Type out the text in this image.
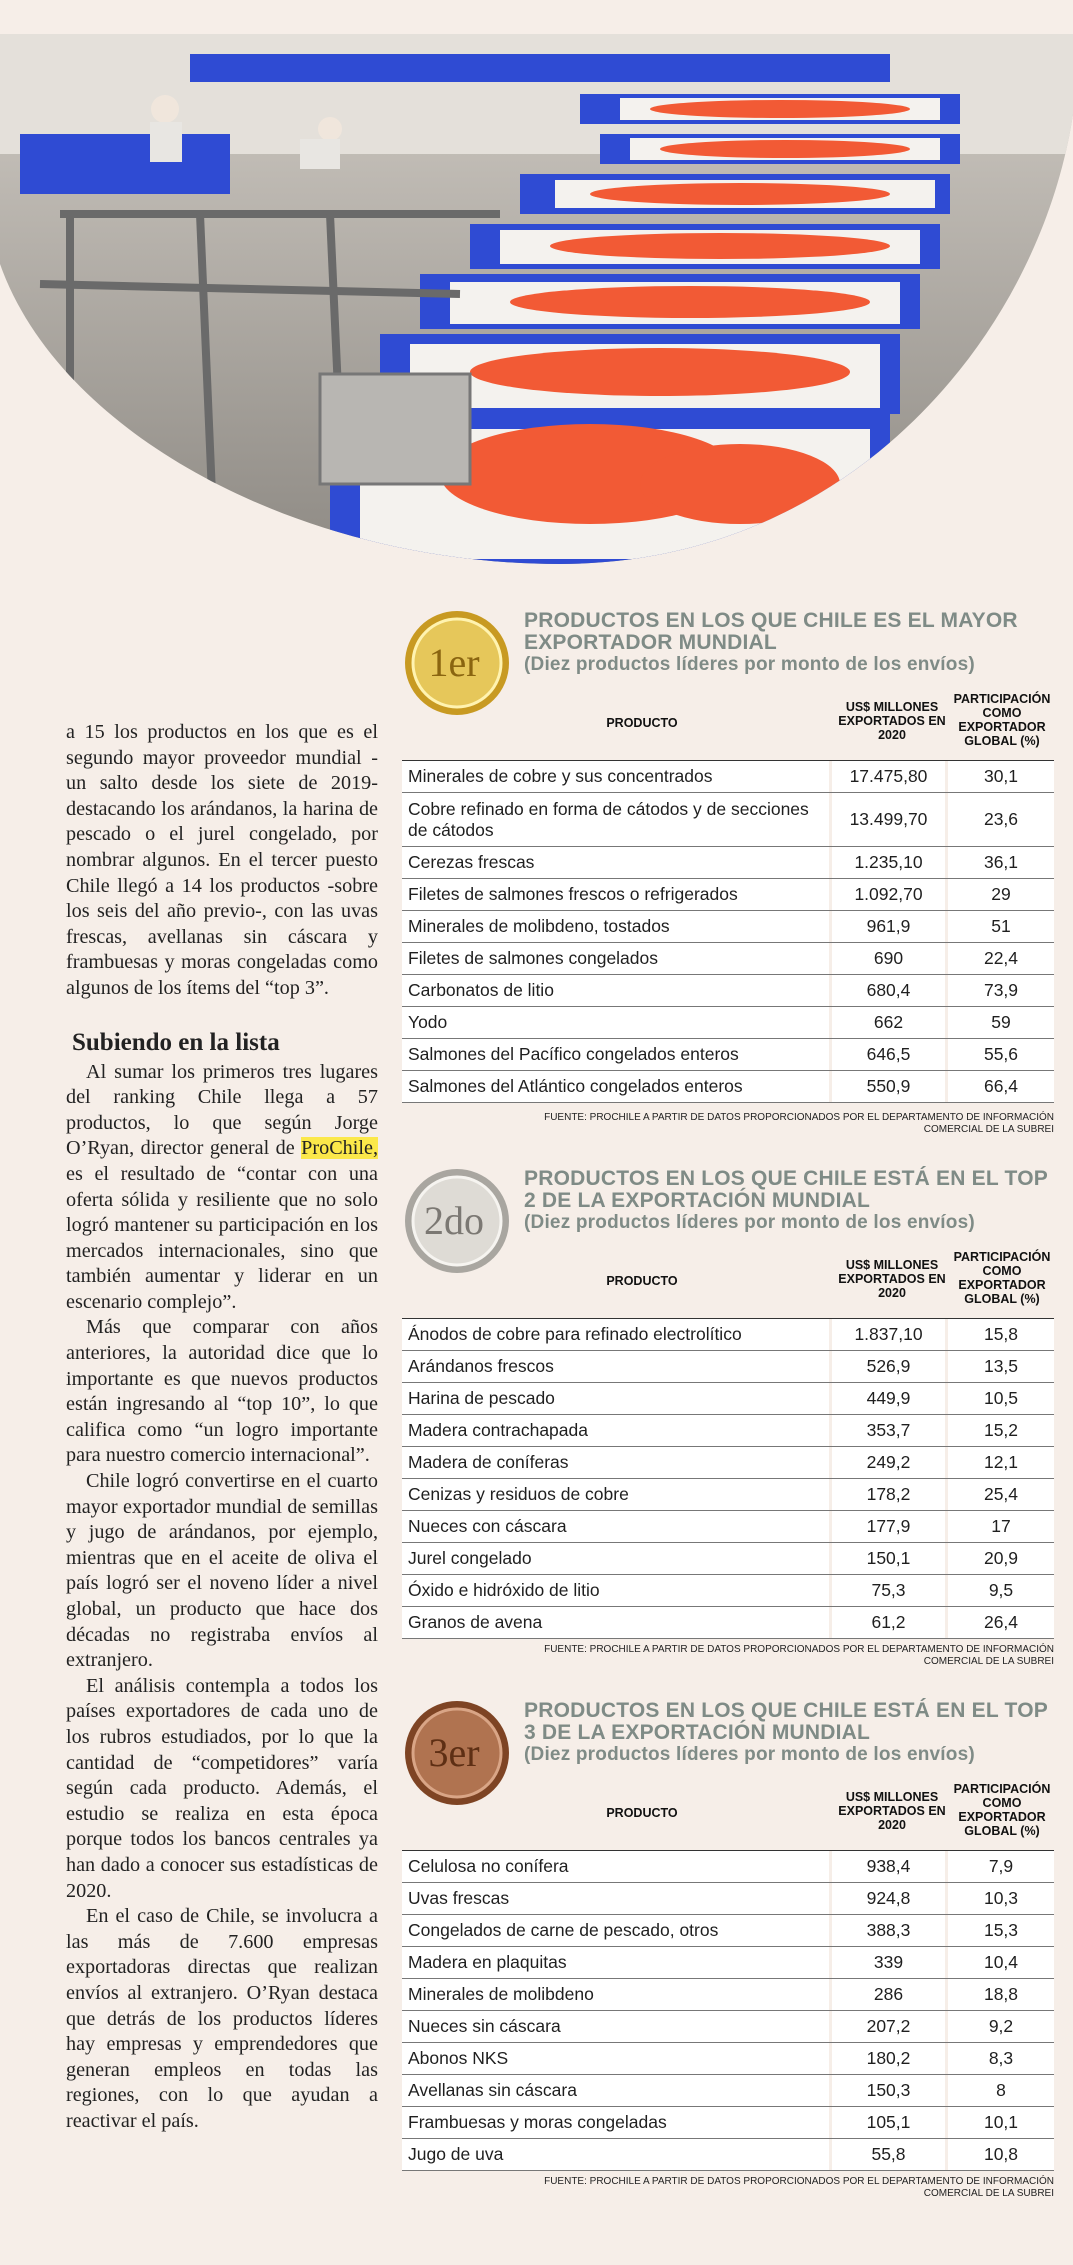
a 15 los productos en los que es el segundo mayor proveedor mundial -un salto desde los siete de 2019- destacando los arándanos, la harina de pescado o el jurel congelado, por nombrar algunos. En el tercer puesto Chile llegó a 14 los productos -sobre los seis del año previo-, con las uvas frescas, avellanas sin cáscara y frambuesas y moras congeladas como algunos de los ítems del “top 3”.

Subiendo en la lista

Al sumar los primeros tres lugares del ranking Chile llega a 57 productos, lo que según Jorge O’Ryan, director general de ProChile, es el resultado de “contar con una oferta sólida y resiliente que no solo logró mantener su participación en los mercados internacionales, sino que también aumentar y liderar en un escenario complejo”.

Más que comparar con años anteriores, la autoridad dice que lo importante es que nuevos productos están ingresando al “top 10”, lo que califica como “un logro importante para nuestro comercio internacional”.

Chile logró convertirse en el cuarto mayor exportador mundial de semillas y jugo de arándanos, por ejemplo, mientras que en el aceite de oliva el país logró ser el noveno líder a nivel global, un producto que hace dos décadas no registraba envíos al extranjero.

El análisis contempla a todos los países exportadores de cada uno de los rubros estudiados, por lo que la cantidad de “competidores” varía según cada producto. Además, el estudio se realiza en esta época porque todos los bancos centrales ya han dado a conocer sus estadísticas de 2020.

En el caso de Chile, se involucra a las más de 7.600 empresas exportadoras directas que realizan envíos al extranjero. O’Ryan destaca que detrás de los productos líderes hay empresas y emprendedores que generan empleos en todas las regiones, con lo que ayudan a reactivar el país.

1er
PRODUCTOS EN LOS QUE CHILE ES EL MAYOR EXPORTADOR MUNDIAL
(Diez productos líderes por monto de los envíos)
PRODUCTO
US$ MILLONES EXPORTADOS EN 2020
PARTICIPACIÓN COMO EXPORTADOR GLOBAL (%)
Minerales de cobre y sus concentrados	17.475,80	30,1
Cobre refinado en forma de cátodos y de secciones de cátodos
13.499,70	23,6
Cerezas frescas	1.235,10	36,1
Filetes de salmones frescos o refrigerados	1.092,70	29
Minerales de molibdeno, tostados	961,9	51
Filetes de salmones congelados	690	22,4
Carbonatos de litio	680,4	73,9
Yodo	662	59
Salmones del Pacífico congelados enteros	646,5	55,6
Salmones del Atlántico congelados enteros	550,9	66,4
FUENTE: PROCHILE A PARTIR DE DATOS PROPORCIONADOS POR EL DEPARTAMENTO DE INFORMACIÓN COMERCIAL DE LA SUBREI
2do
PRODUCTOS EN LOS QUE CHILE ESTÁ EN EL TOP 2 DE LA EXPORTACIÓN MUNDIAL
(Diez productos líderes por monto de los envíos)
PRODUCTO
US$ MILLONES EXPORTADOS EN 2020
PARTICIPACIÓN COMO EXPORTADOR GLOBAL (%)
Ánodos de cobre para refinado electrolítico	1.837,10	15,8
Arándanos frescos	526,9	13,5
Harina de pescado	449,9	10,5
Madera contrachapada	353,7	15,2
Madera de coníferas	249,2	12,1
Cenizas y residuos de cobre	178,2	25,4
Nueces con cáscara	177,9	17
Jurel congelado	150,1	20,9
Óxido e hidróxido de litio	75,3	9,5
Granos de avena	61,2	26,4
FUENTE: PROCHILE A PARTIR DE DATOS PROPORCIONADOS POR EL DEPARTAMENTO DE INFORMACIÓN COMERCIAL DE LA SUBREI
3er
PRODUCTOS EN LOS QUE CHILE ESTÁ EN EL TOP 3 DE LA EXPORTACIÓN MUNDIAL
(Diez productos líderes por monto de los envíos)
PRODUCTO
US$ MILLONES EXPORTADOS EN 2020
PARTICIPACIÓN COMO EXPORTADOR GLOBAL (%)
Celulosa no conífera	938,4	7,9
Uvas frescas	924,8	10,3
Congelados de carne de pescado, otros	388,3	15,3
Madera en plaquitas	339	10,4
Minerales de molibdeno	286	18,8
Nueces sin cáscara	207,2	9,2
Abonos NKS	180,2	8,3
Avellanas sin cáscara	150,3	8
Frambuesas y moras congeladas	105,1	10,1
Jugo de uva	55,8	10,8
FUENTE: PROCHILE A PARTIR DE DATOS PROPORCIONADOS POR EL DEPARTAMENTO DE INFORMACIÓN COMERCIAL DE LA SUBREI
